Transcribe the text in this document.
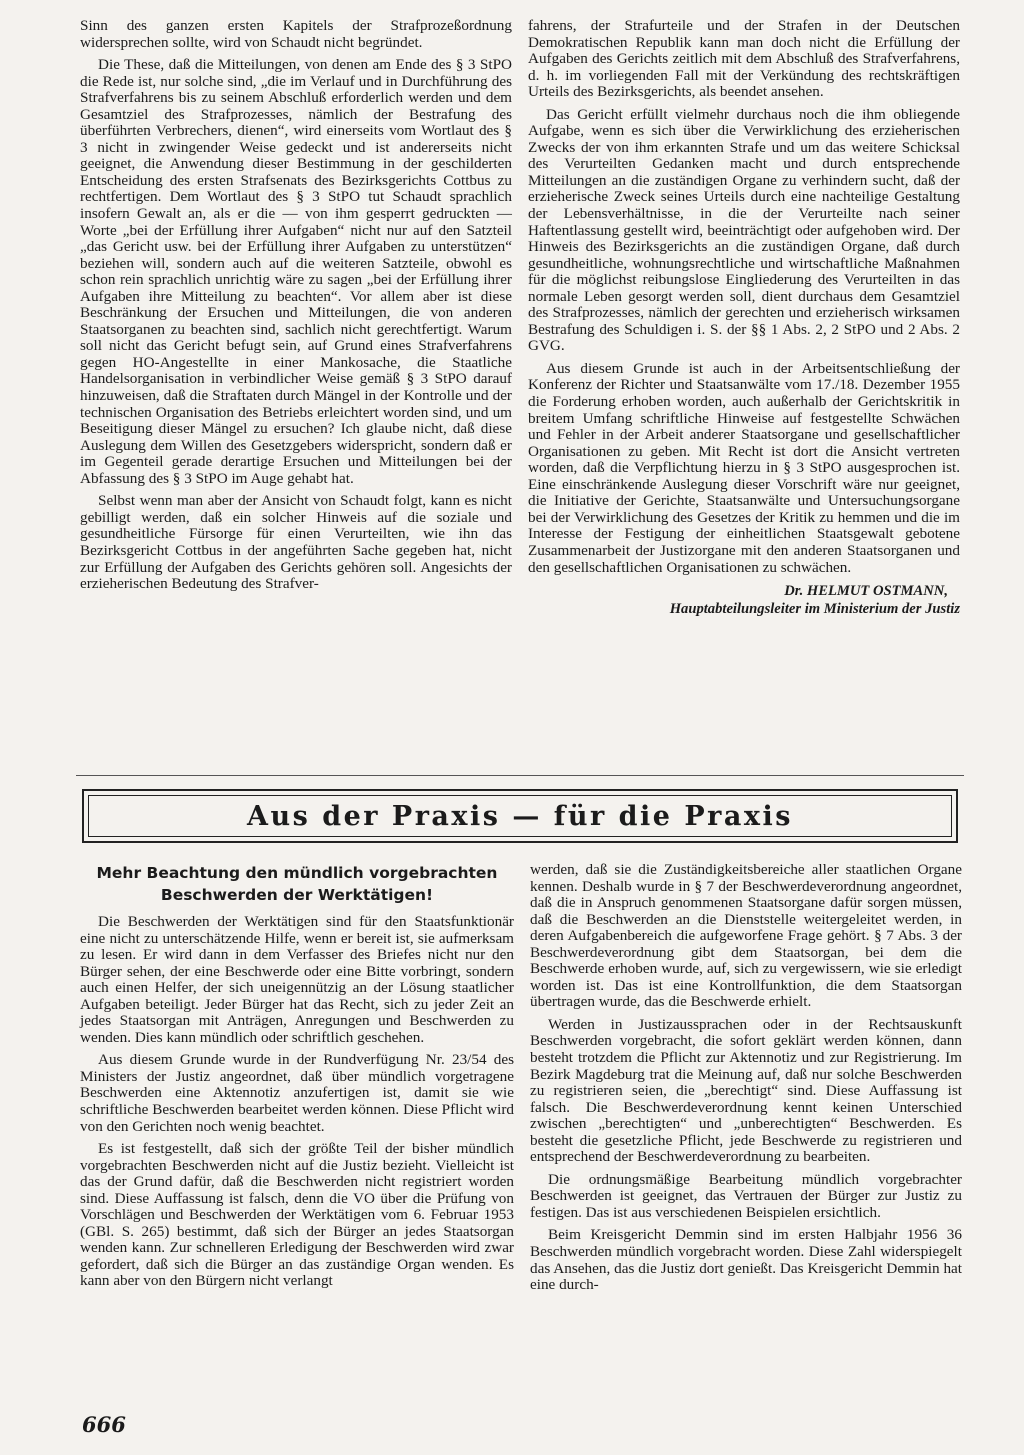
Sinn des ganzen ersten Kapitels der Strafprozeßordnung widersprechen sollte, wird von Schaudt nicht begründet.

Die These, daß die Mitteilungen, von denen am Ende des § 3 StPO die Rede ist, nur solche sind, „die im Verlauf und in Durchführung des Strafverfahrens bis zu seinem Abschluß erforderlich werden und dem Gesamtziel des Strafprozesses, nämlich der Bestrafung des überführten Verbrechers, dienen“, wird einerseits vom Wortlaut des § 3 nicht in zwingender Weise gedeckt und ist andererseits nicht geeignet, die Anwendung dieser Bestimmung in der geschilderten Entscheidung des ersten Strafsenats des Bezirksgerichts Cottbus zu rechtfertigen. Dem Wortlaut des § 3 StPO tut Schaudt sprachlich insofern Gewalt an, als er die — von ihm gesperrt gedruckten — Worte „bei der Erfüllung ihrer Aufgaben“ nicht nur auf den Satzteil „das Gericht usw. bei der Erfüllung ihrer Aufgaben zu unterstützen“ beziehen will, sondern auch auf die weiteren Satzteile, obwohl es schon rein sprachlich unrichtig wäre zu sagen „bei der Erfüllung ihrer Aufgaben ihre Mitteilung zu beachten“. Vor allem aber ist diese Beschränkung der Ersuchen und Mitteilungen, die von anderen Staatsorganen zu beachten sind, sachlich nicht gerechtfertigt. Warum soll nicht das Gericht befugt sein, auf Grund eines Strafverfahrens gegen HO-Angestellte in einer Mankosache, die Staatliche Handelsorganisation in verbindlicher Weise gemäß § 3 StPO darauf hinzuweisen, daß die Straftaten durch Mängel in der Kontrolle und der technischen Organisation des Betriebs erleichtert worden sind, und um Beseitigung dieser Mängel zu ersuchen? Ich glaube nicht, daß diese Auslegung dem Willen des Gesetzgebers widerspricht, sondern daß er im Gegenteil gerade derartige Ersuchen und Mitteilungen bei der Abfassung des § 3 StPO im Auge gehabt hat.

Selbst wenn man aber der Ansicht von Schaudt folgt, kann es nicht gebilligt werden, daß ein solcher Hinweis auf die soziale und gesundheitliche Fürsorge für einen Verurteilten, wie ihn das Bezirksgericht Cottbus in der angeführten Sache gegeben hat, nicht zur Erfüllung der Aufgaben des Gerichts gehören soll. Angesichts der erzieherischen Bedeutung des Strafver-

fahrens, der Strafurteile und der Strafen in der Deutschen Demokratischen Republik kann man doch nicht die Erfüllung der Aufgaben des Gerichts zeitlich mit dem Abschluß des Strafverfahrens, d. h. im vorliegenden Fall mit der Verkündung des rechtskräftigen Urteils des Bezirksgerichts, als beendet ansehen.

Das Gericht erfüllt vielmehr durchaus noch die ihm obliegende Aufgabe, wenn es sich über die Verwirklichung des erzieherischen Zwecks der von ihm erkannten Strafe und um das weitere Schicksal des Verurteilten Gedanken macht und durch entsprechende Mitteilungen an die zuständigen Organe zu verhindern sucht, daß der erzieherische Zweck seines Urteils durch eine nachteilige Gestaltung der Lebensverhältnisse, in die der Verurteilte nach seiner Haftentlassung gestellt wird, beeinträchtigt oder aufgehoben wird. Der Hinweis des Bezirksgerichts an die zuständigen Organe, daß durch gesundheitliche, wohnungsrechtliche und wirtschaftliche Maßnahmen für die möglichst reibungslose Eingliederung des Verurteilten in das normale Leben gesorgt werden soll, dient durchaus dem Gesamtziel des Strafprozesses, nämlich der gerechten und erzieherisch wirksamen Bestrafung des Schuldigen i. S. der §§ 1 Abs. 2, 2 StPO und 2 Abs. 2 GVG.

Aus diesem Grunde ist auch in der Arbeitsentschließung der Konferenz der Richter und Staatsanwälte vom 17./18. Dezember 1955 die Forderung erhoben worden, auch außerhalb der Gerichtskritik in breitem Umfang schriftliche Hinweise auf festgestellte Schwächen und Fehler in der Arbeit anderer Staatsorgane und gesellschaftlicher Organisationen zu geben. Mit Recht ist dort die Ansicht vertreten worden, daß die Verpflichtung hierzu in § 3 StPO ausgesprochen ist. Eine einschränkende Auslegung dieser Vorschrift wäre nur geeignet, die Initiative der Gerichte, Staatsanwälte und Untersuchungsorgane bei der Verwirklichung des Gesetzes der Kritik zu hemmen und die im Interesse der Festigung der einheitlichen Staatsgewalt gebotene Zusammenarbeit der Justizorgane mit den anderen Staatsorganen und den gesellschaftlichen Organisationen zu schwächen.

Dr. HELMUT OSTMANN,
Hauptabteilungsleiter im Ministerium der Justiz
Aus der Praxis — für die Praxis
Mehr Beachtung den mündlich vorgebrachten
Beschwerden der Werktätigen!

Die Beschwerden der Werktätigen sind für den Staatsfunktionär eine nicht zu unterschätzende Hilfe, wenn er bereit ist, sie aufmerksam zu lesen. Er wird dann in dem Verfasser des Briefes nicht nur den Bürger sehen, der eine Beschwerde oder eine Bitte vorbringt, sondern auch einen Helfer, der sich uneigennützig an der Lösung staatlicher Aufgaben beteiligt. Jeder Bürger hat das Recht, sich zu jeder Zeit an jedes Staatsorgan mit Anträgen, Anregungen und Beschwerden zu wenden. Dies kann mündlich oder schriftlich geschehen.

Aus diesem Grunde wurde in der Rundverfügung Nr. 23/54 des Ministers der Justiz angeordnet, daß über mündlich vorgetragene Beschwerden eine Aktennotiz anzufertigen ist, damit sie wie schriftliche Beschwerden bearbeitet werden können. Diese Pflicht wird von den Gerichten noch wenig beachtet.

Es ist festgestellt, daß sich der größte Teil der bisher mündlich vorgebrachten Beschwerden nicht auf die Justiz bezieht. Vielleicht ist das der Grund dafür, daß die Beschwerden nicht registriert worden sind. Diese Auffassung ist falsch, denn die VO über die Prüfung von Vorschlägen und Beschwerden der Werktätigen vom 6. Februar 1953 (GBl. S. 265) bestimmt, daß sich der Bürger an jedes Staatsorgan wenden kann. Zur schnelleren Erledigung der Beschwerden wird zwar gefordert, daß sich die Bürger an das zuständige Organ wenden. Es kann aber von den Bürgern nicht verlangt

werden, daß sie die Zuständigkeitsbereiche aller staatlichen Organe kennen. Deshalb wurde in § 7 der Beschwerdeverordnung angeordnet, daß die in Anspruch genommenen Staatsorgane dafür sorgen müssen, daß die Beschwerden an die Dienststelle weitergeleitet werden, in deren Aufgabenbereich die aufgeworfene Frage gehört. § 7 Abs. 3 der Beschwerdeverordnung gibt dem Staatsorgan, bei dem die Beschwerde erhoben wurde, auf, sich zu vergewissern, wie sie erledigt worden ist. Das ist eine Kontrollfunktion, die dem Staatsorgan übertragen wurde, das die Beschwerde erhielt.

Werden in Justizaussprachen oder in der Rechtsauskunft Beschwerden vorgebracht, die sofort geklärt werden können, dann besteht trotzdem die Pflicht zur Aktennotiz und zur Registrierung. Im Bezirk Magdeburg trat die Meinung auf, daß nur solche Beschwerden zu registrieren seien, die „berechtigt“ sind. Diese Auffassung ist falsch. Die Beschwerdeverordnung kennt keinen Unterschied zwischen „berechtigten“ und „unberechtigten“ Beschwerden. Es besteht die gesetzliche Pflicht, jede Beschwerde zu registrieren und entsprechend der Beschwerdeverordnung zu bearbeiten.

Die ordnungsmäßige Bearbeitung mündlich vorgebrachter Beschwerden ist geeignet, das Vertrauen der Bürger zur Justiz zu festigen. Das ist aus verschiedenen Beispielen ersichtlich.

Beim Kreisgericht Demmin sind im ersten Halbjahr 1956 36 Beschwerden mündlich vorgebracht worden. Diese Zahl widerspiegelt das Ansehen, das die Justiz dort genießt. Das Kreisgericht Demmin hat eine durch-

666
